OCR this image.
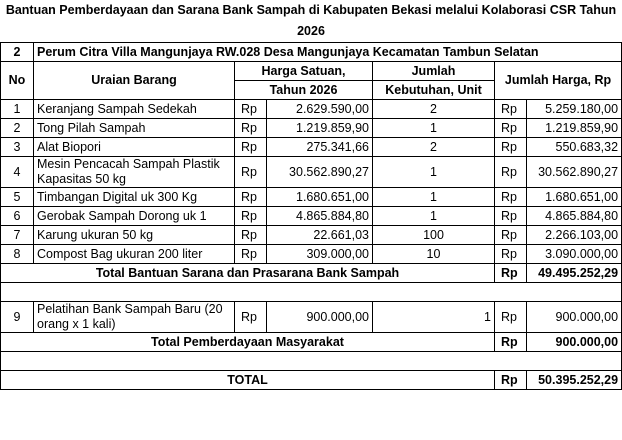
Bantuan Pemberdayaan dan Sarana Bank Sampah di Kabupaten Bekasi melalui Kolaborasi CSR Tahun
2026
2	Perum Citra Villa Mangunjaya RW.028 Desa Mangunjaya Kecamatan Tambun Selatan					
No	Uraian Barang	Harga Satuan,		Jumlah	Jumlah Harga, Rp	
		Tahun 2026		Kebutuhan, Unit		
1	Keranjang Sampah Sedekah	Rp	2.629.590,00	2	Rp	5.259.180,00
2	Tong Pilah Sampah	Rp	1.219.859,90	1	Rp	1.219.859,90
3	Alat Biopori	Rp	275.341,66	2	Rp	550.683,32
4	Mesin Pencacah Sampah Plastik Kapasitas 50 kg	Rp	30.562.890,27	1	Rp	30.562.890,27
5	Timbangan Digital uk 300 Kg	Rp	1.680.651,00	1	Rp	1.680.651,00
6	Gerobak Sampah Dorong uk 1	Rp	4.865.884,80	1	Rp	4.865.884,80
7	Karung ukuran 50 kg	Rp	22.661,03	100	Rp	2.266.103,00
8	Compost Bag ukuran 200 liter	Rp	309.000,00	10	Rp	3.090.000,00
Total Bantuan Sarana dan Prasarana Bank Sampah					Rp	49.495.252,29

9	Pelatihan Bank Sampah Baru (20 orang x 1 kali)	Rp	900.000,00	1	Rp	900.000,00
Total Pemberdayaan Masyarakat					Rp	900.000,00

TOTAL					Rp	50.395.252,29
